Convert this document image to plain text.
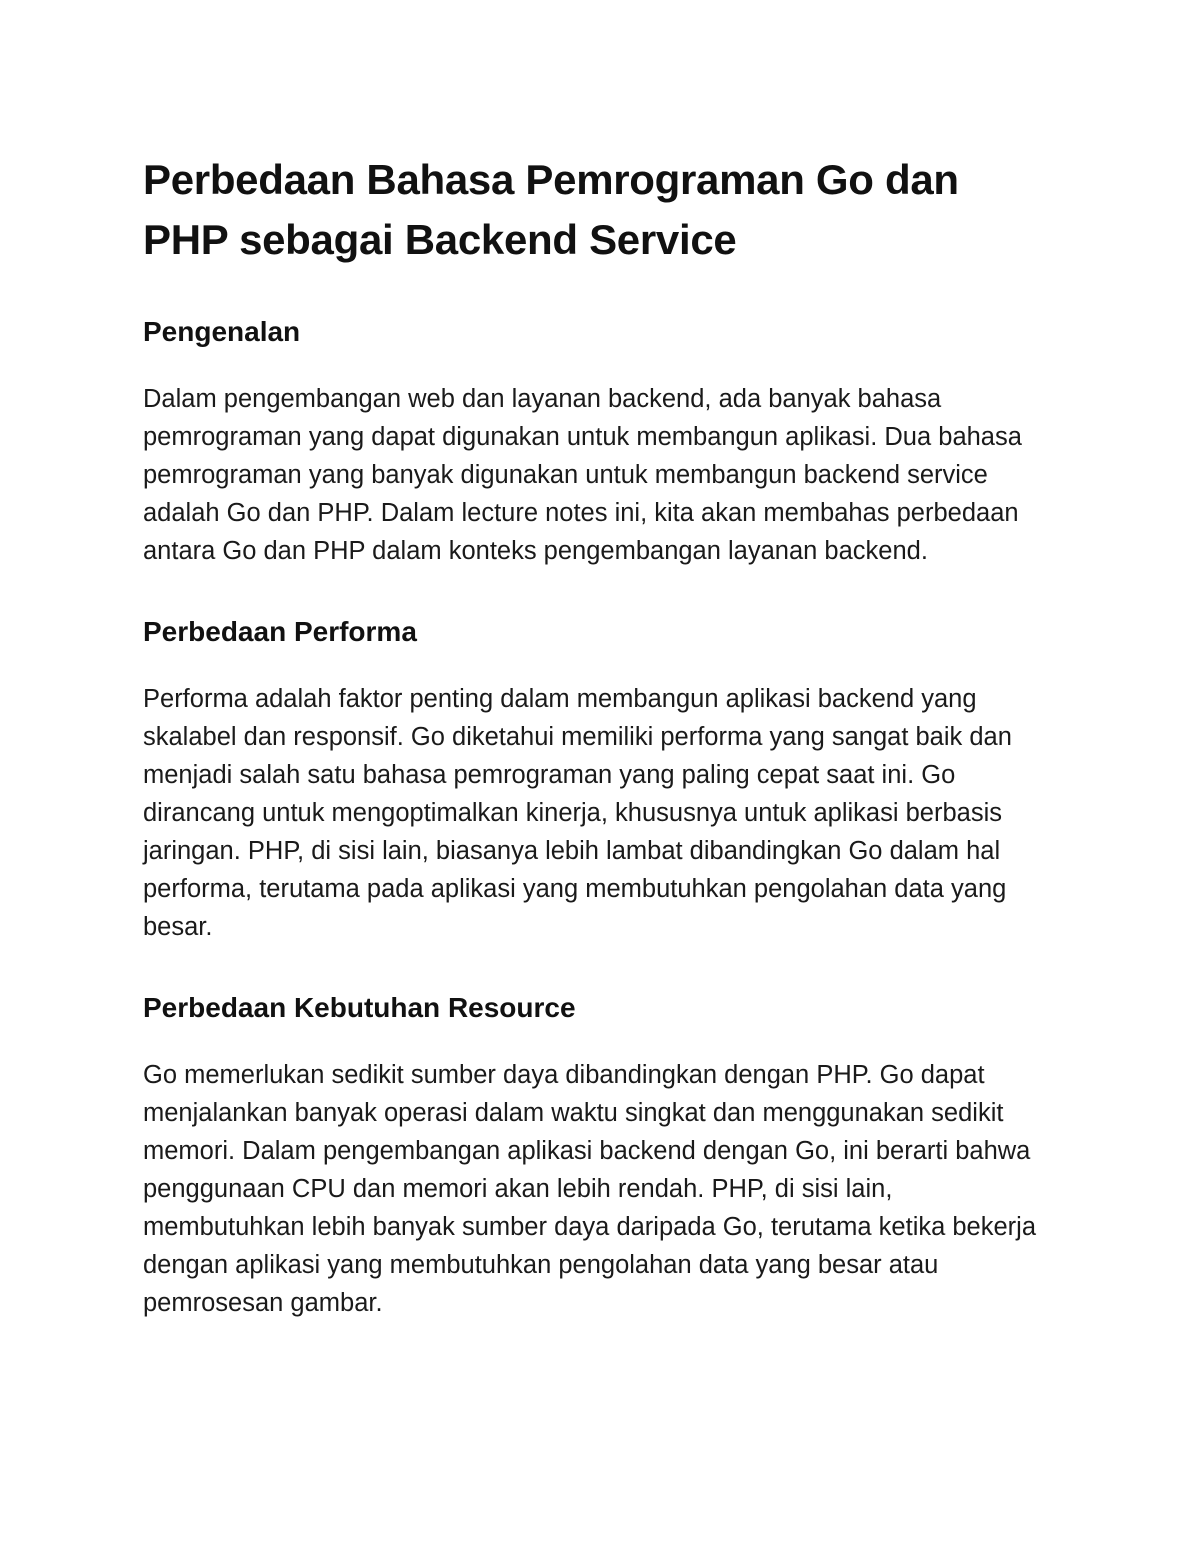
Perbedaan Bahasa Pemrograman Go dan PHP sebagai Backend Service
Pengenalan

Dalam pengembangan web dan layanan backend, ada banyak bahasa pemrograman yang dapat digunakan untuk membangun aplikasi. Dua bahasa pemrograman yang banyak digunakan untuk membangun backend service adalah Go dan PHP. Dalam lecture notes ini, kita akan membahas perbedaan antara Go dan PHP dalam konteks pengembangan layanan backend.

Perbedaan Performa

Performa adalah faktor penting dalam membangun aplikasi backend yang skalabel dan responsif. Go diketahui memiliki performa yang sangat baik dan menjadi salah satu bahasa pemrograman yang paling cepat saat ini. Go dirancang untuk mengoptimalkan kinerja, khususnya untuk aplikasi berbasis jaringan. PHP, di sisi lain, biasanya lebih lambat dibandingkan Go dalam hal performa, terutama pada aplikasi yang membutuhkan pengolahan data yang besar.

Perbedaan Kebutuhan Resource

Go memerlukan sedikit sumber daya dibandingkan dengan PHP. Go dapat menjalankan banyak operasi dalam waktu singkat dan menggunakan sedikit memori. Dalam pengembangan aplikasi backend dengan Go, ini berarti bahwa penggunaan CPU dan memori akan lebih rendah. PHP, di sisi lain, membutuhkan lebih banyak sumber daya daripada Go, terutama ketika bekerja dengan aplikasi yang membutuhkan pengolahan data yang besar atau pemrosesan gambar.
